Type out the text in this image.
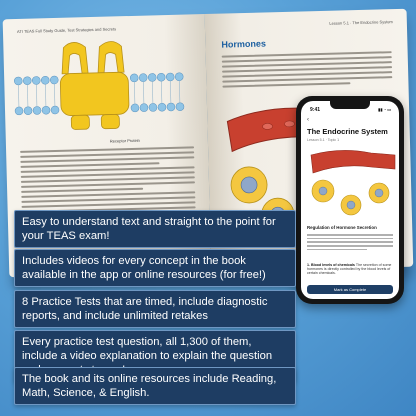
ATI TEAS Full Study Guide, Test Strategies and Secrets
Receptor Protein
Lesson 5.1 · The Endocrine System
Hormones
9:41	▮▮ ◔ ▭
‹
The Endocrine System
Lesson 5.1 · Topic 1
Regulation of Hormone Secretion
1. Blood levels of chemicals The secretion of some hormones is directly controlled by the blood levels of certain chemicals.
Mark as Complete
Easy to understand text and straight to the point for your TEAS exam!
Includes videos for every concept in the book available in the app or online resources (for free!)
8 Practice Tests that are timed, include diagnostic reports, and include unlimited retakes
Every practice test question, all 1,300 of them, include a video explanation to explain the question
The book and its online resources include Reading, Math, Science, & English.
